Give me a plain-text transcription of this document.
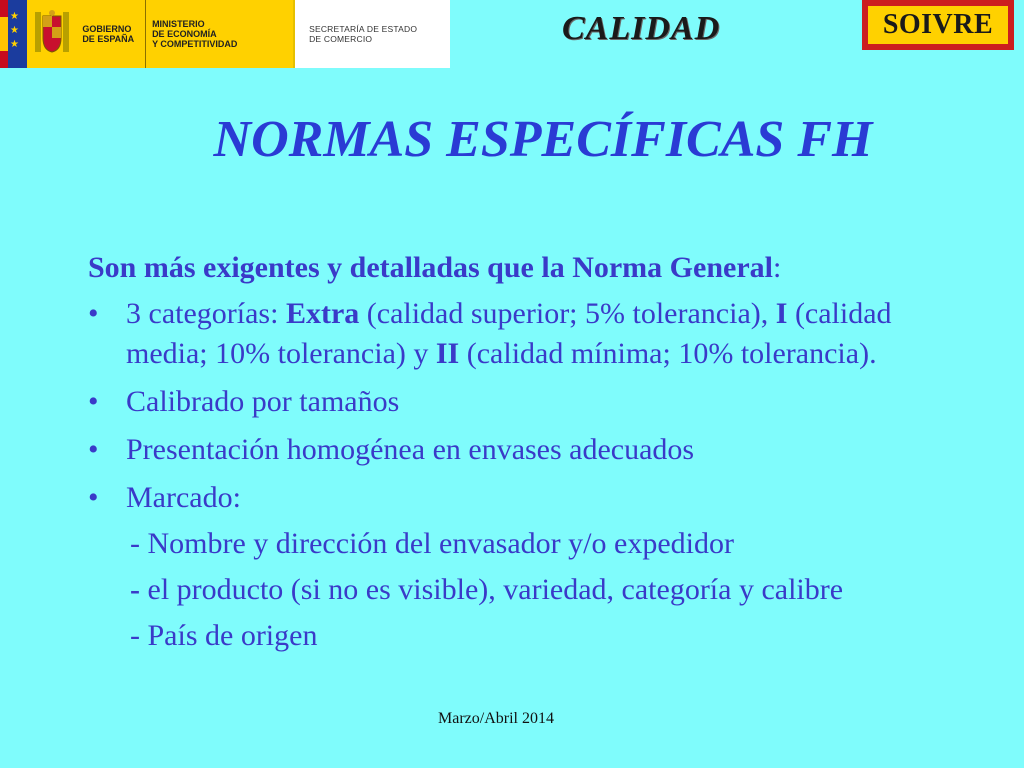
★
★
★
GOBIERNO
DE ESPAÑA
MINISTERIO
DE ECONOMÍA
Y COMPETITIVIDAD
SECRETARÍA DE ESTADO
DE COMERCIO	CALIDAD	SOIVRE
NORMAS ESPECÍFICAS FH

Son más exigentes y detalladas que la Norma General:

• 3 categorías: Extra (calidad superior; 5% tolerancia), I (calidad media; 10% tolerancia) y II (calidad mínima; 10% tolerancia).
• Calibrado por tamaños
• Presentación homogénea en envases adecuados
• Marcado:
- Nombre y dirección del envasador y/o expedidor
- el producto (si no es visible), variedad, categoría y calibre
- País de origen
Marzo/Abril 2014
